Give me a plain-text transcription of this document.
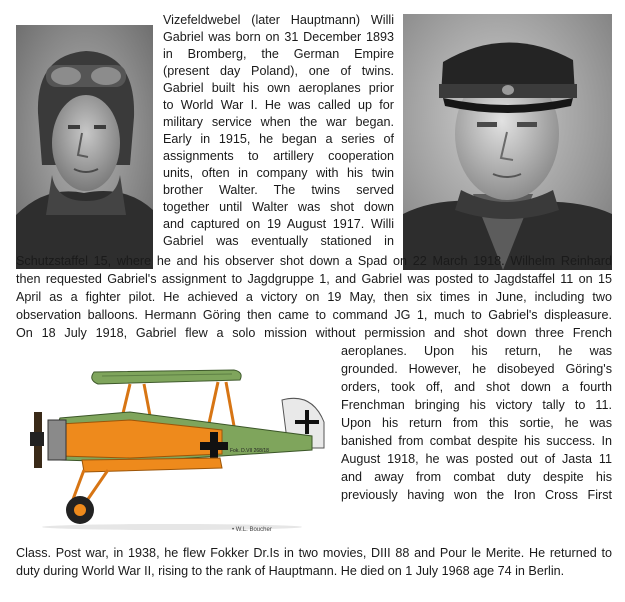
Fok. D.VII 268/18
• W.L. Boucher
Vizefeldwebel (later Hauptmann) Willi
Gabriel was born on 31 December 1893
in Bromberg, the German Empire
(present day Poland), one of twins.
Gabriel built his own aeroplanes prior
to World War I. He was called up for
military service when the war began.
Early in 1915, he began a series of
assignments to artillery cooperation
units, often in company with his twin
brother Walter. The twins served
together until Walter was shot down
and captured on 19 August 1917. Willi
Gabriel was eventually stationed in
Schutzstaffel 15, where he and his observer shot down a Spad on 22 March 1918. Wilhelm Reinhard
then requested Gabriel's assignment to Jagdgruppe 1, and Gabriel was posted to Jagdstaffel 11 on 15
April as a fighter pilot. He achieved a victory on 19 May, then six times in June, including two
observation balloons. Hermann Göring then came to command JG 1, much to Gabriel's displeasure.
On 18 July 1918, Gabriel flew a solo mission without permission and shot down three French
aeroplanes. Upon his return, he was
grounded. However, he disobeyed Göring's
orders, took off, and shot down a fourth
Frenchman bringing his victory tally to 11.
Upon his return from this sortie, he was
banished from combat despite his success. In
August 1918, he was posted out of Jasta 11
and away from combat duty despite his
previously having won the Iron Cross First
Class. Post war, in 1938, he flew Fokker Dr.Is in two movies, DIII 88 and Pour le Merite. He returned to
duty during World War II, rising to the rank of Hauptmann. He died on 1 July 1968 age 74 in Berlin.
